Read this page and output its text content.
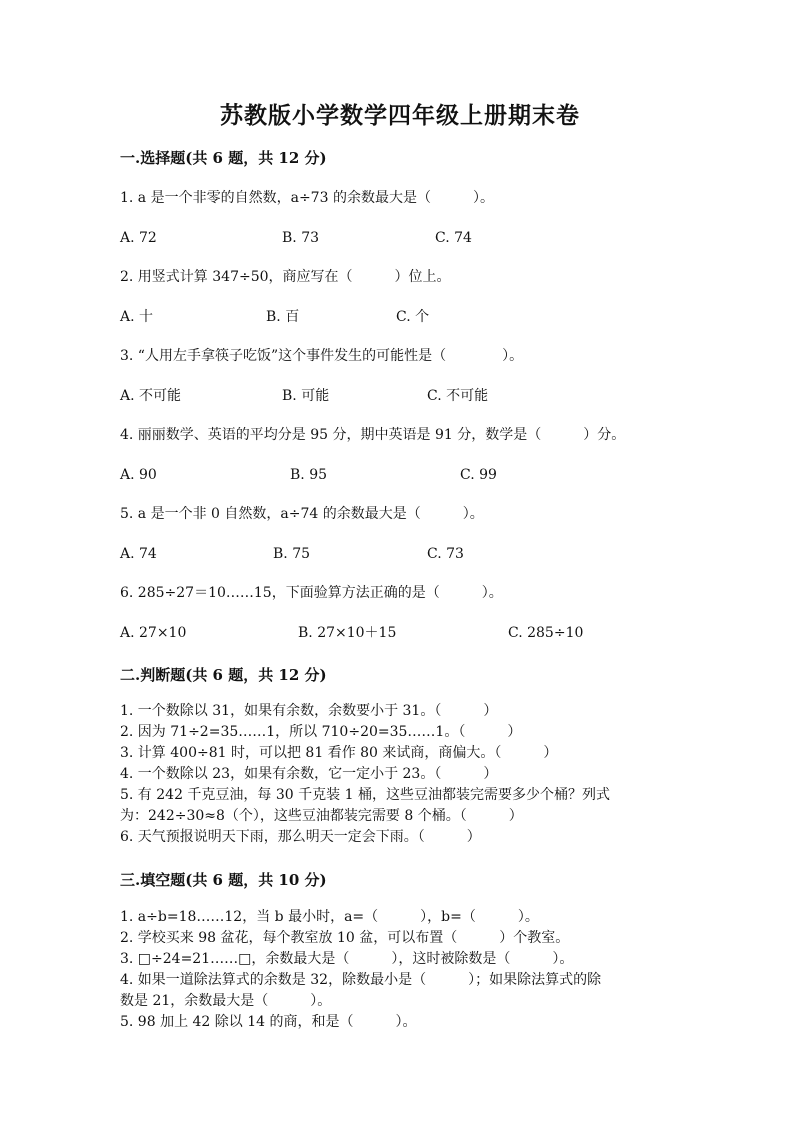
苏教版小学数学四年级上册期末卷
一.选择题(共 6 题，共 12 分)
1. a 是一个非零的自然数，a÷73 的余数最大是（　　　）。
A. 72	B. 73	C. 74
2. 用竖式计算 347÷50，商应写在（　　　）位上。
A. 十	B. 百	C. 个
3. “人用左手拿筷子吃饭”这个事件发生的可能性是（　　　　）。
A. 不可能	B. 可能	C. 不可能
4. 丽丽数学、英语的平均分是 95 分，期中英语是 91 分，数学是（　　　）分。
A. 90	B. 95	C. 99
5. a 是一个非 0 自然数，a÷74 的余数最大是（　　　）。
A. 74	B. 75	C. 73
6. 285÷27＝10……15，下面验算方法正确的是（　　　）。
A. 27×10	B. 27×10＋15	C. 285÷10
二.判断题(共 6 题，共 12 分)
1. 一个数除以 31，如果有余数，余数要小于 31。（　　　）
2. 因为 71÷2=35……1，所以 710÷20=35……1。（　　　）
3. 计算 400÷81 时，可以把 81 看作 80 来试商，商偏大。（　　　）
4. 一个数除以 23，如果有余数，它一定小于 23。（　　　）
5. 有 242 千克豆油，每 30 千克装 1 桶，这些豆油都装完需要多少个桶？列式
为：242÷30≈8（个），这些豆油都装完需要 8 个桶。（　　　）
6. 天气预报说明天下雨，那么明天一定会下雨。（　　　）
三.填空题(共 6 题，共 10 分)
1. a÷b=18……12，当 b 最小时，a=（　　　），b=（　　　）。
2. 学校买来 98 盆花，每个教室放 10 盆，可以布置（　　　）个教室。
3. □÷24=21……□，余数最大是（　　　），这时被除数是（　　　）。
4. 如果一道除法算式的余数是 32，除数最小是（　　　）；如果除法算式的除
数是 21，余数最大是（　　　）。
5. 98 加上 42 除以 14 的商，和是（　　　）。
